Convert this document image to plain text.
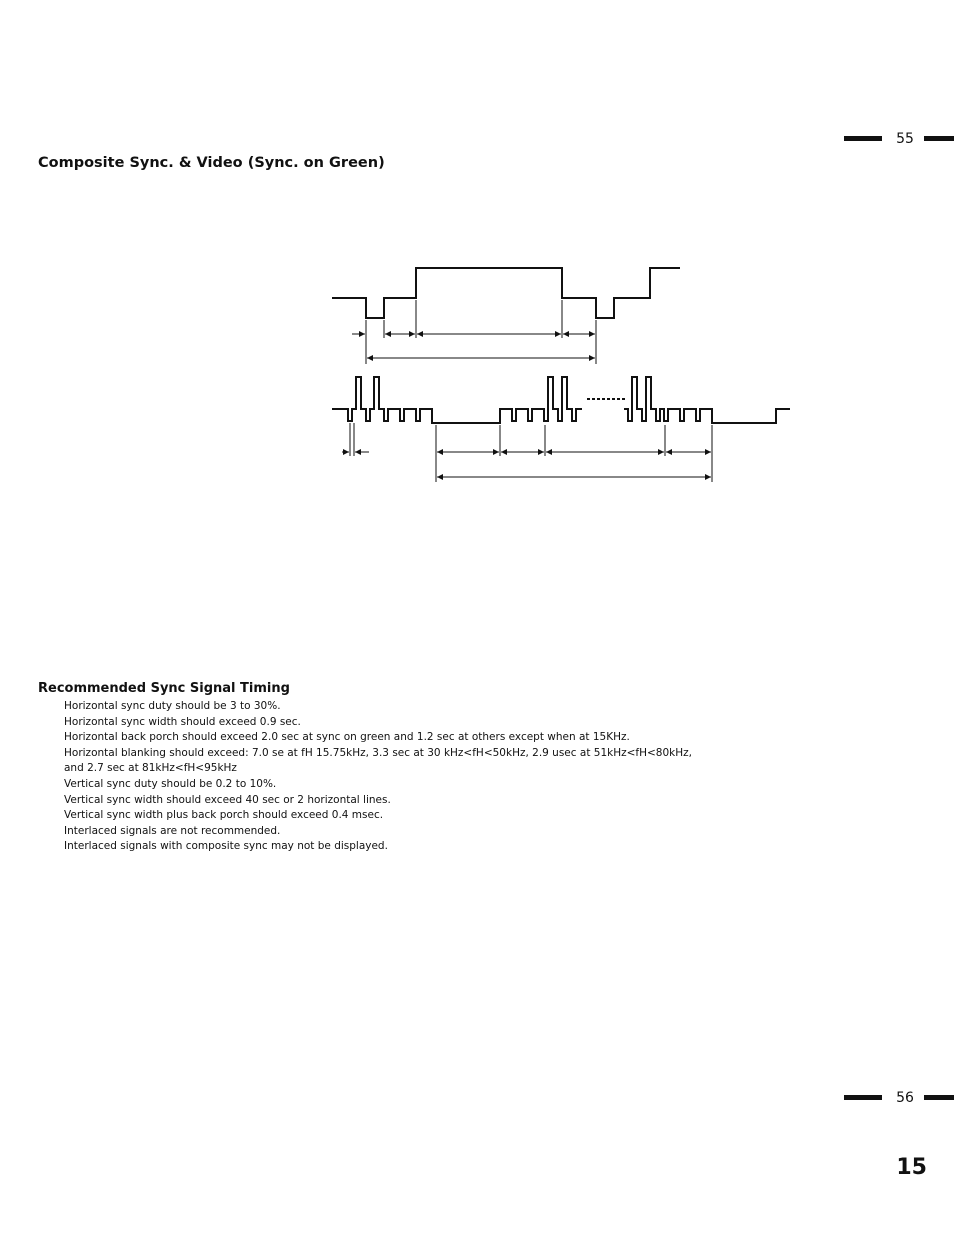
55
Composite Sync. & Video (Sync. on Green)
Recommended Sync Signal Timing
Horizontal sync duty should be 3 to 30%.
Horizontal sync width should exceed 0.9 sec.
Horizontal back porch should exceed 2.0 sec at sync on green and 1.2 sec at others except when at 15KHz.
Horizontal blanking should exceed: 7.0 se at fH 15.75kHz, 3.3 sec at 30 kHz<fH<50kHz, 2.9 usec at 51kHz<fH<80kHz,
and 2.7 sec at 81kHz<fH<95kHz
Vertical sync duty should be 0.2 to 10%.
Vertical sync width should exceed 40 sec or 2 horizontal lines.
Vertical sync width plus back porch should exceed 0.4 msec.
Interlaced signals are not recommended.
Interlaced signals with composite sync may not be displayed.
56
15
